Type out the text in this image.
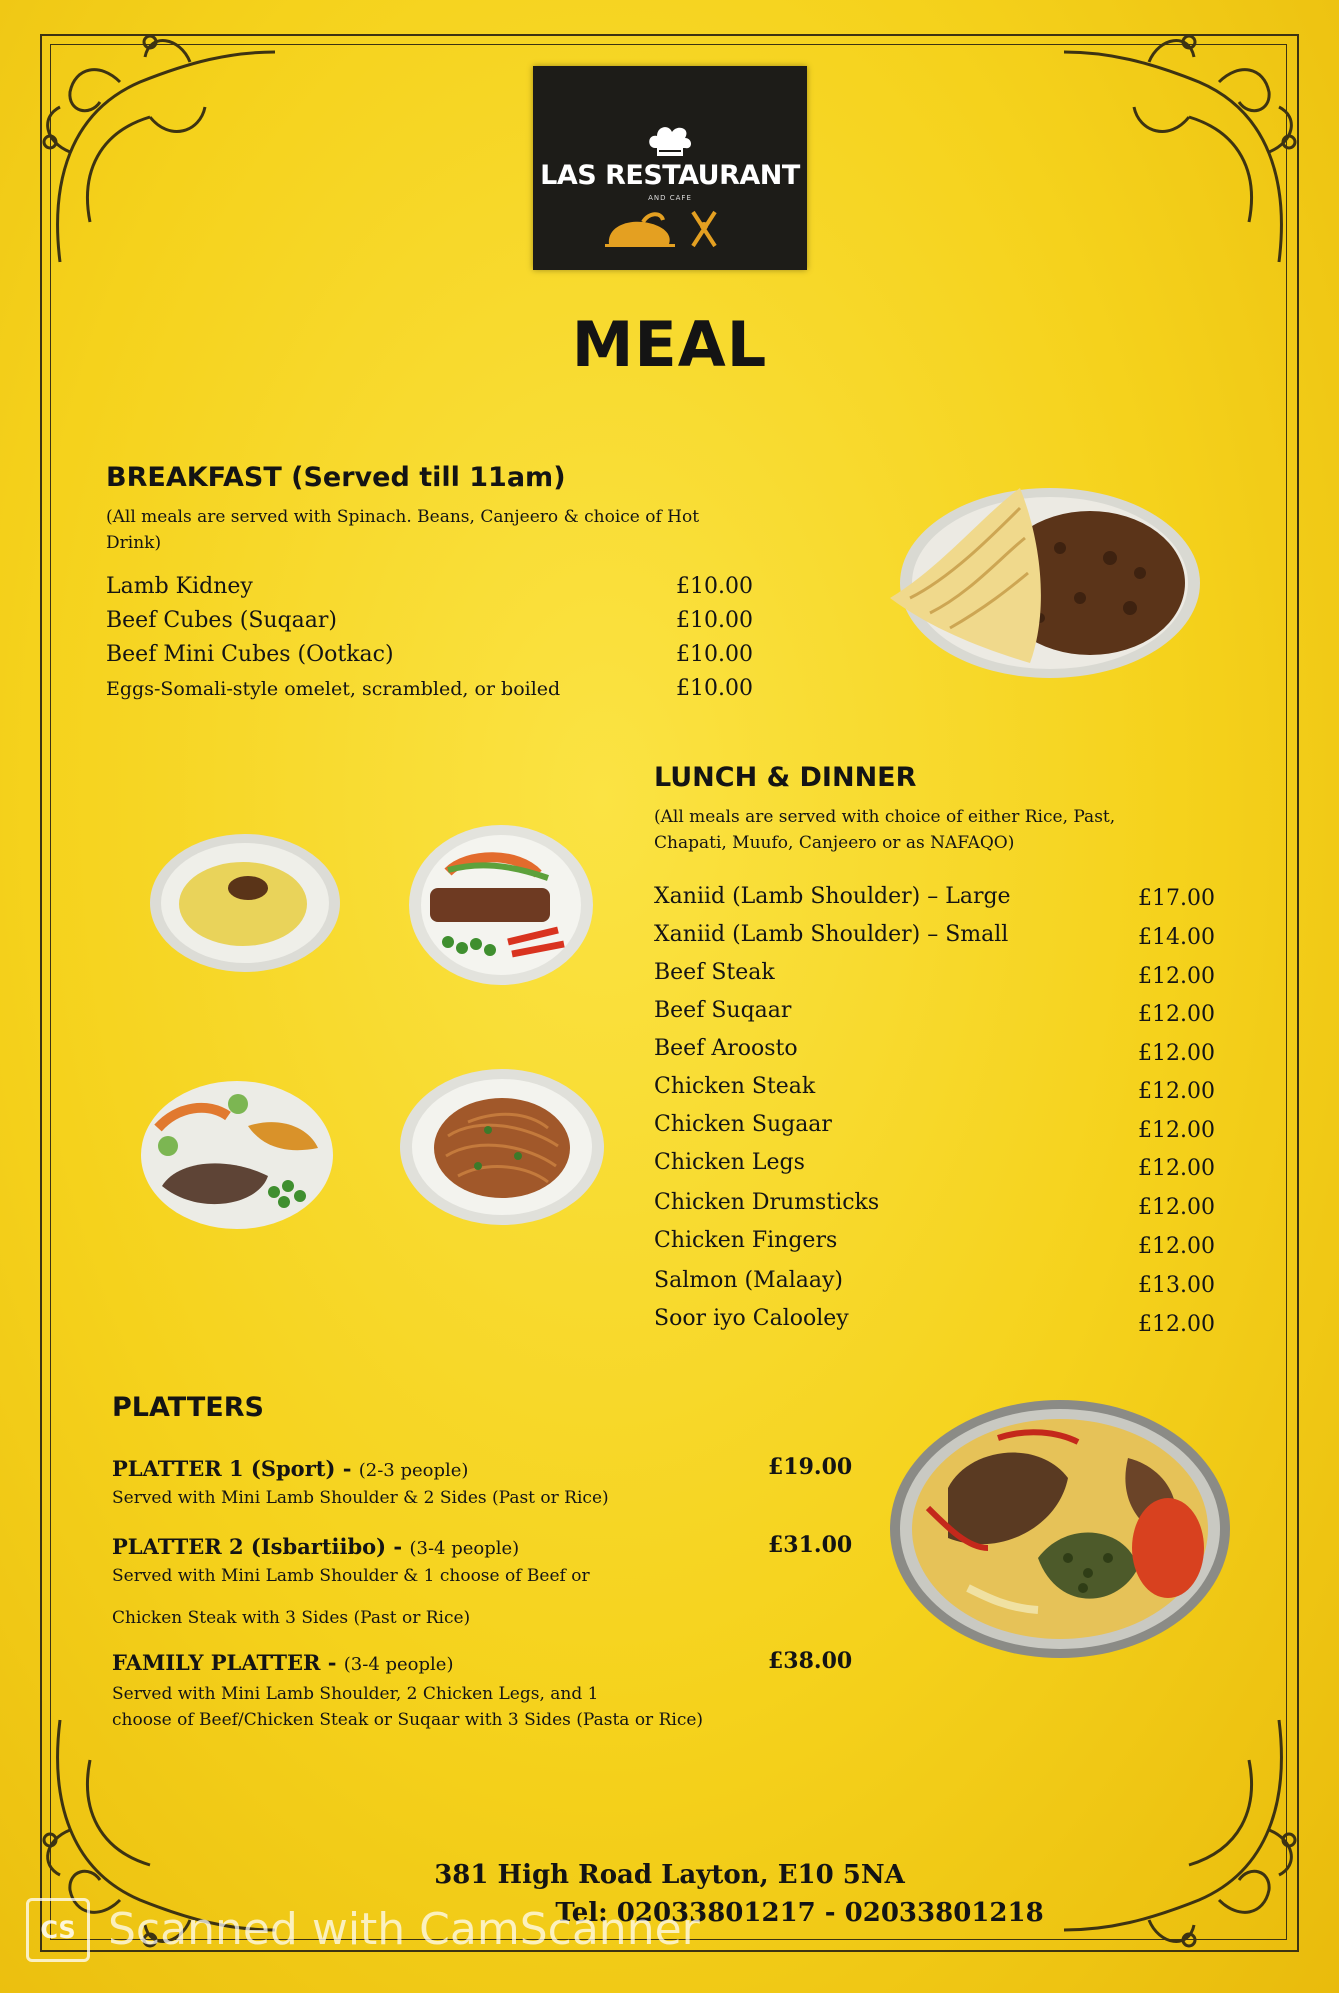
LAS RESTAURANT
AND CAFE
MEAL
BREAKFAST (Served till 11am)
(All meals are served with Spinach. Beans, Canjeero & choice of Hot
Drink)
Lamb Kidney	£10.00
Beef Cubes (Suqaar)	£10.00
Beef Mini Cubes (Ootkac)	£10.00
Eggs-Somali-style omelet, scrambled, or boiled	£10.00
LUNCH & DINNER
(All meals are served with choice of either Rice, Past,
Chapati, Muufo, Canjeero or as NAFAQO)
Xaniid (Lamb Shoulder) – Large	£17.00
Xaniid (Lamb Shoulder) – Small	£14.00
Beef Steak	£12.00
Beef Suqaar	£12.00
Beef Aroosto	£12.00
Chicken Steak	£12.00
Chicken Sugaar	£12.00
Chicken Legs	£12.00
Chicken Drumsticks	£12.00
Chicken Fingers	£12.00
Salmon (Malaay)	£13.00
Soor iyo Calooley	£12.00
PLATTERS
PLATTER 1 (Sport) - (2-3 people)	£19.00
Served with Mini Lamb Shoulder & 2 Sides (Past or Rice)
PLATTER 2 (Isbartiibo) - (3-4 people)	£31.00
Served with Mini Lamb Shoulder & 1 choose of Beef or
Chicken Steak with 3 Sides (Past or Rice)
FAMILY PLATTER - (3-4 people)	£38.00
Served with Mini Lamb Shoulder, 2 Chicken Legs, and 1
choose of Beef/Chicken Steak or Suqaar with 3 Sides (Pasta or Rice)
381 High Road Layton, E10 5NA
Tel: 02033801217 - 02033801218
CS Scanned with CamScanner
